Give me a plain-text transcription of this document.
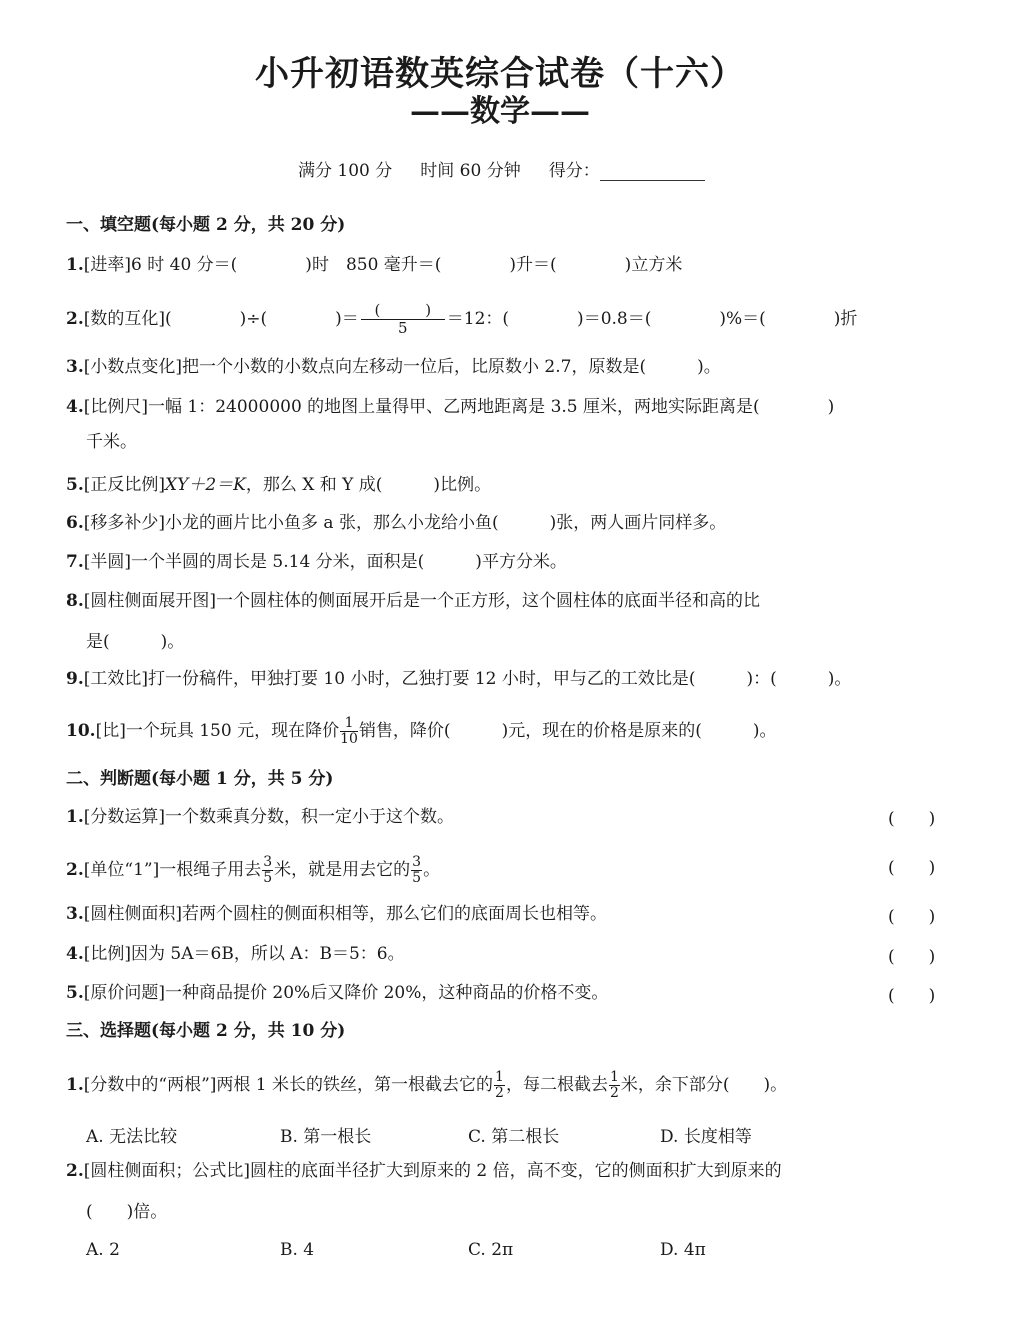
小升初语数英综合试卷（十六）
——数学——
满分 100 分 时间 60 分钟 得分：
一、填空题(每小题 2 分，共 20 分)
1.[进率]6 时 40 分＝(　　　　)时　850 毫升＝(　　　　)升＝(　　　　)立方米
2.[数的互化](　　　　)÷(　　　　)＝	(　　　)
5	＝12：(　　　　)＝0.8＝(　　　　)%＝(　　　　)折
3.[小数点变化]把一个小数的小数点向左移动一位后，比原数小 2.7，原数是(　　　)。
4.[比例尺]一幅 1：24000000 的地图上量得甲、乙两地距离是 3.5 厘米，两地实际距离是(　　　　)
千米。
5.[正反比例]XY＋2＝K，那么 X 和 Y 成(　　　)比例。
6.[移多补少]小龙的画片比小鱼多 a 张，那么小龙给小鱼(　　　)张，两人画片同样多。
7.[半圆]一个半圆的周长是 5.14 分米，面积是(　　　)平方分米。
8.[圆柱侧面展开图]一个圆柱体的侧面展开后是一个正方形，这个圆柱体的底面半径和高的比
是(　　　)。
9.[工效比]打一份稿件，甲独打要 10 小时，乙独打要 12 小时，甲与乙的工效比是(　　　)：(　　　)。
10.[比]一个玩具 150 元，现在降价 $\frac{1}{10}$ 销售，降价(　　　)元，现在的价格是原来的(　　　)。
二、判断题(每小题 1 分，共 5 分)
1.[分数运算]一个数乘真分数，积一定小于这个数。	(　　)
2.[单位“1”]一根绳子用去 $\frac{3}{5}$ 米，就是用去它的 $\frac{3}{5}$ 。	(　　)
3.[圆柱侧面积]若两个圆柱的侧面积相等，那么它们的底面周长也相等。	(　　)
4.[比例]因为 5A＝6B，所以 A：B＝5：6。	(　　)
5.[原价问题]一种商品提价 20%后又降价 20%，这种商品的价格不变。	(　　)
三、选择题(每小题 2 分，共 10 分)
1.[分数中的“两根”]两根 1 米长的铁丝，第一根截去它的 $\frac{1}{2}$ ，每二根截去 $\frac{1}{2}$ 米，余下部分(　　)。
A. 无法比较	B. 第一根长	C. 第二根长	D. 长度相等
2.[圆柱侧面积；公式比]圆柱的底面半径扩大到原来的 2 倍，高不变，它的侧面积扩大到原来的
(　　)倍。
A. 2	B. 4	C. 2π	D. 4π
